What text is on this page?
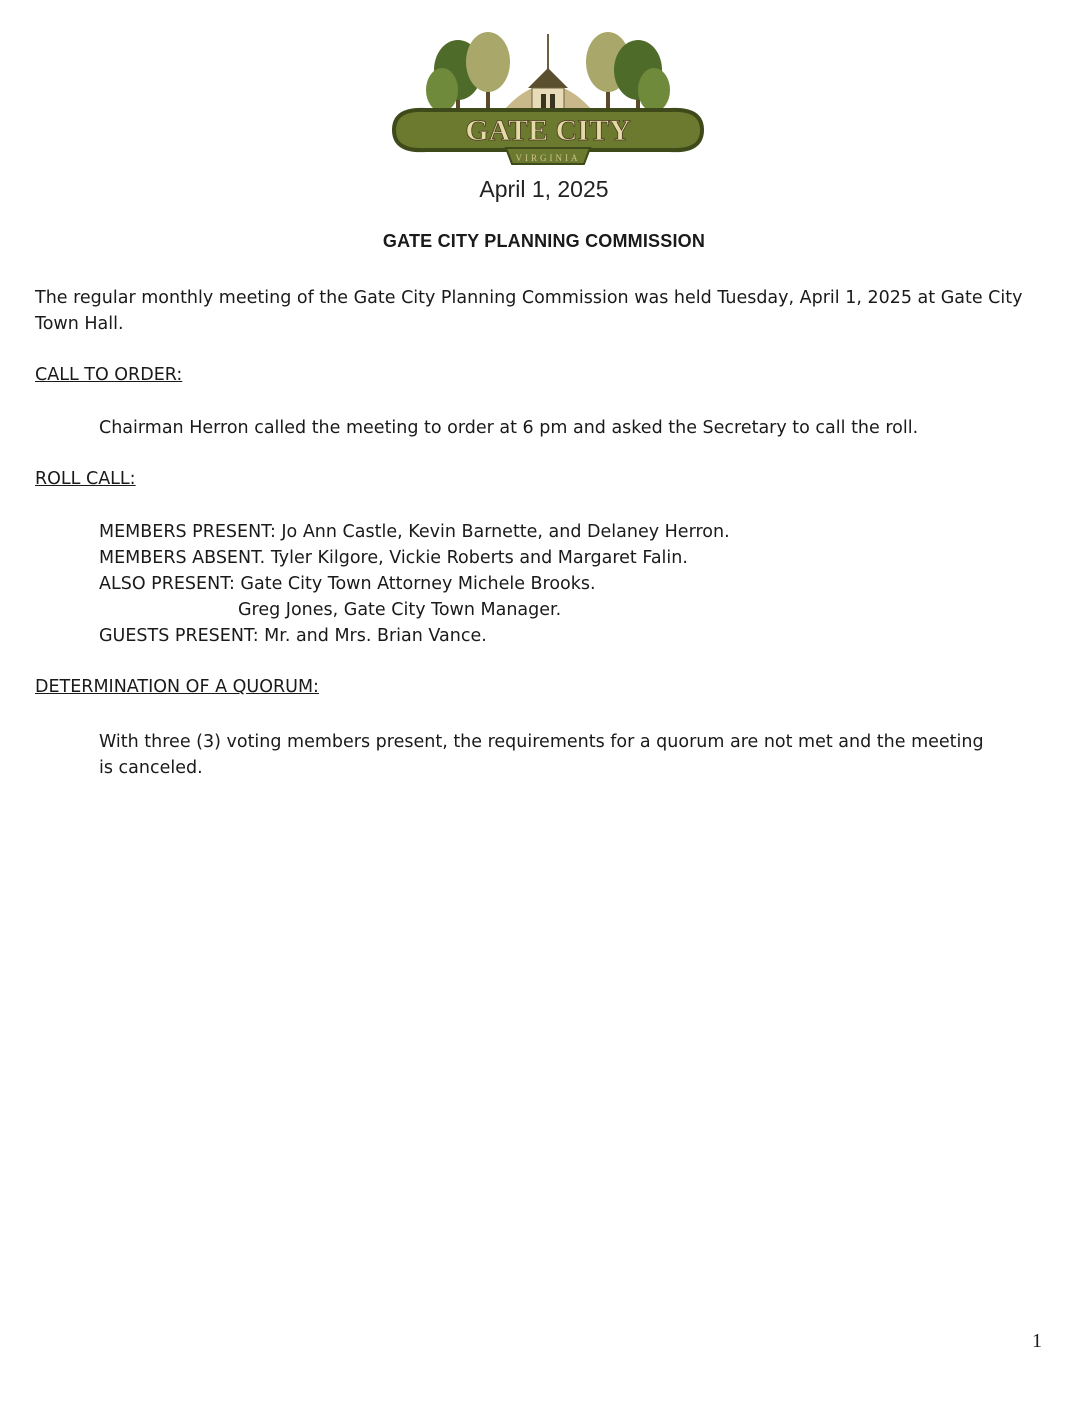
GATE CITY
VIRGINIA
April 1, 2025
GATE CITY PLANNING COMMISSION
The regular monthly meeting of the Gate City Planning Commission was held Tuesday, April 1, 2025 at Gate City Town Hall.
CALL TO ORDER:
Chairman Herron called the meeting to order at 6 pm and asked the Secretary to call the roll.
ROLL CALL:
MEMBERS PRESENT: Jo Ann Castle, Kevin Barnette, and Delaney Herron.
MEMBERS ABSENT. Tyler Kilgore, Vickie Roberts and Margaret Falin.
ALSO PRESENT: Gate City Town Attorney Michele Brooks.
Greg Jones, Gate City Town Manager.
GUESTS PRESENT: Mr. and Mrs. Brian Vance.
DETERMINATION OF A QUORUM:
With three (3) voting members present, the requirements for a quorum are not met and the meeting is canceled.
1
